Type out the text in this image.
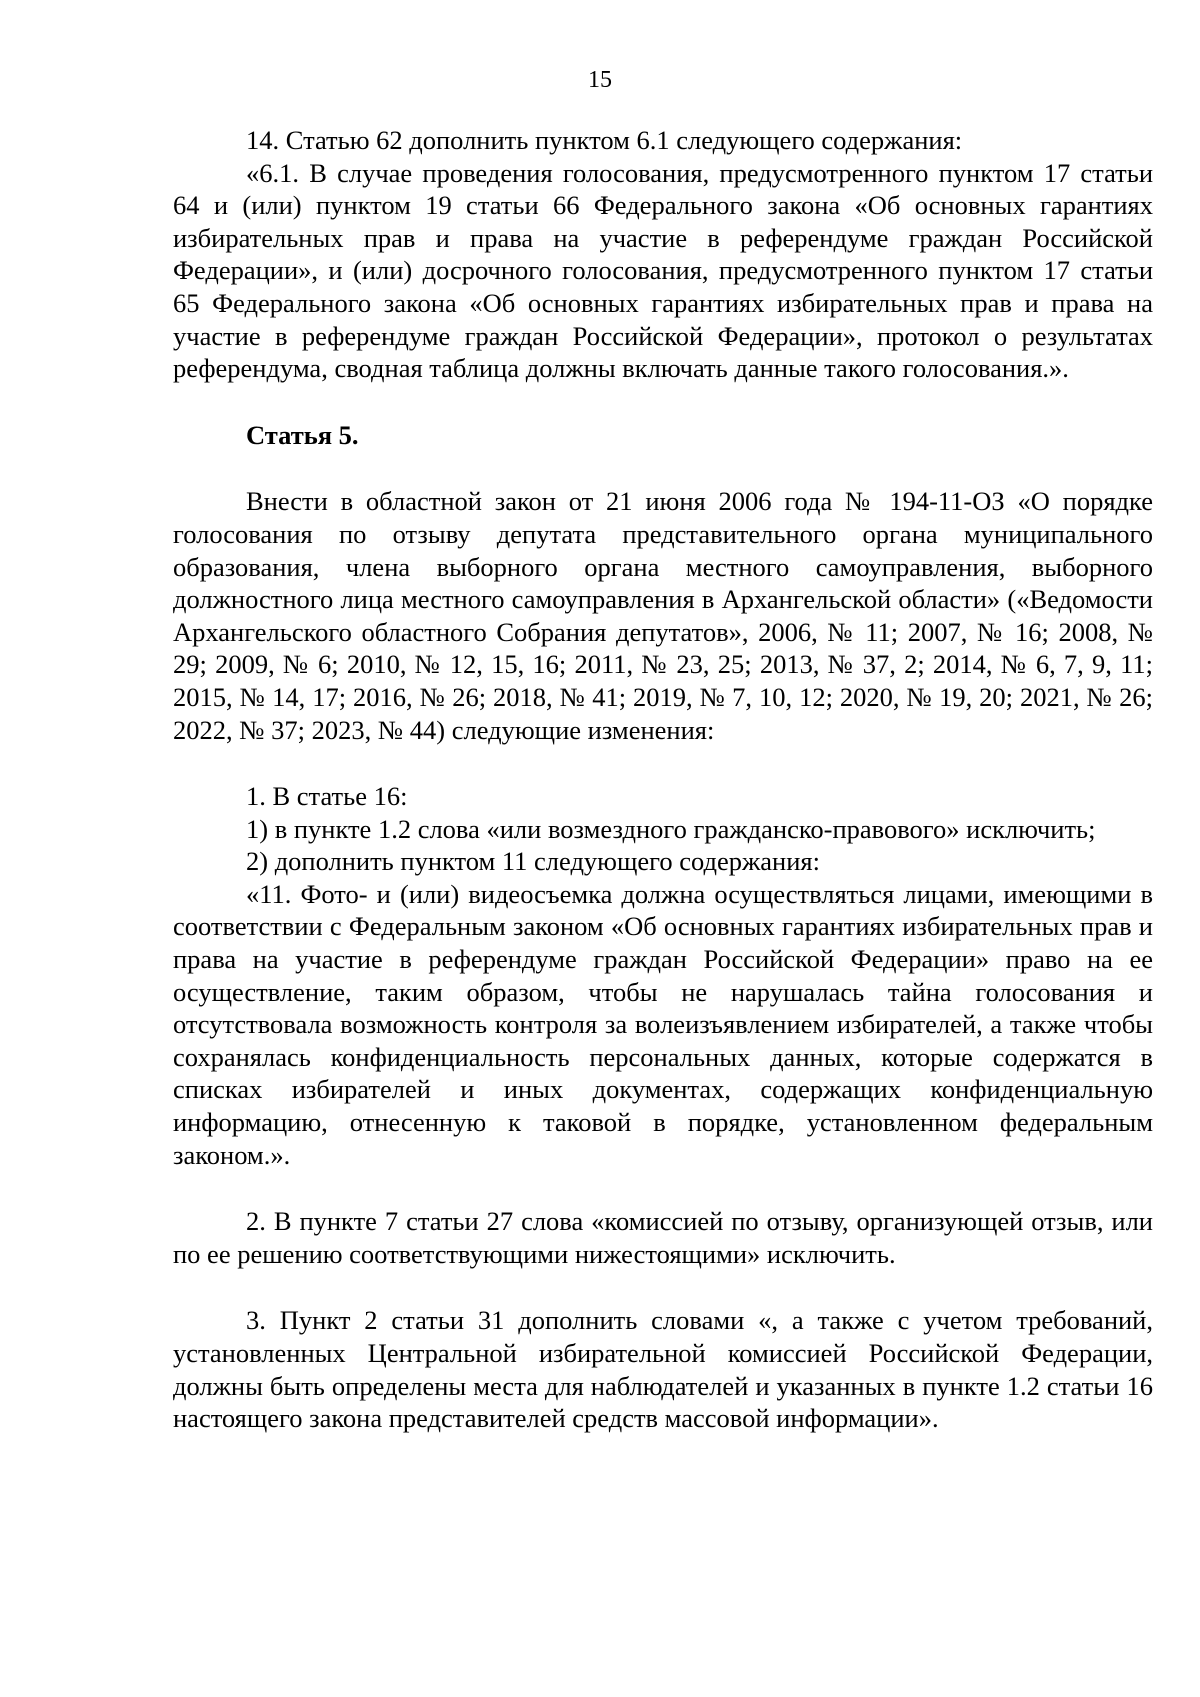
15

14. Статью 62 дополнить пунктом 6.1 следующего содержания:

«6.1. В случае проведения голосования, предусмотренного пунктом 17 статьи 64 и (или) пунктом 19 статьи 66 Федерального закона «Об основных гарантиях избирательных прав и права на участие в референдуме граждан Российской Федерации», и (или) досрочного голосования, предусмотренного пунктом 17 статьи 65 Федерального закона «Об основных гарантиях избирательных прав и права на участие в референдуме граждан Российской Федерации», протокол о результатах референдума, сводная таблица должны включать данные такого голосования.».

Статья 5.

Внести в областной закон от 21 июня 2006 года № 194-11-ОЗ «О порядке голосования по отзыву депутата представительного органа муниципального образования, члена выборного органа местного самоуправления, выборного должностного лица местного самоуправления в Архангельской области» («Ведомости Архангельского областного Собрания депутатов», 2006, № 11; 2007, № 16; 2008, № 29; 2009, № 6; 2010, № 12, 15, 16; 2011, № 23, 25; 2013, № 37, 2; 2014, № 6, 7, 9, 11; 2015, № 14, 17; 2016, № 26; 2018, № 41; 2019, № 7, 10, 12; 2020, № 19, 20; 2021, № 26; 2022, № 37; 2023, № 44) следующие изменения:

1. В статье 16:

1) в пункте 1.2 слова «или возмездного гражданско-правового» исключить;

2) дополнить пунктом 11 следующего содержания:

«11. Фото- и (или) видеосъемка должна осуществляться лицами, имеющими в соответствии с Федеральным законом «Об основных гарантиях избирательных прав и права на участие в референдуме граждан Российской Федерации» право на ее осуществление, таким образом, чтобы не нарушалась тайна голосования и отсутствовала возможность контроля за волеизъявлением избирателей, а также чтобы сохранялась конфиденциальность персональных данных, которые содержатся в списках избирателей и иных документах, содержащих конфиденциальную информацию, отнесенную к таковой в порядке, установленном федеральным законом.».

2. В пункте 7 статьи 27 слова «комиссией по отзыву, организующей отзыв, или по ее решению соответствующими нижестоящими» исключить.

3. Пункт 2 статьи 31 дополнить словами «, а также с учетом требований, установленных Центральной избирательной комиссией Российской Федерации, должны быть определены места для наблюдателей и указанных в пункте 1.2 статьи 16 настоящего закона представителей средств массовой информации».
